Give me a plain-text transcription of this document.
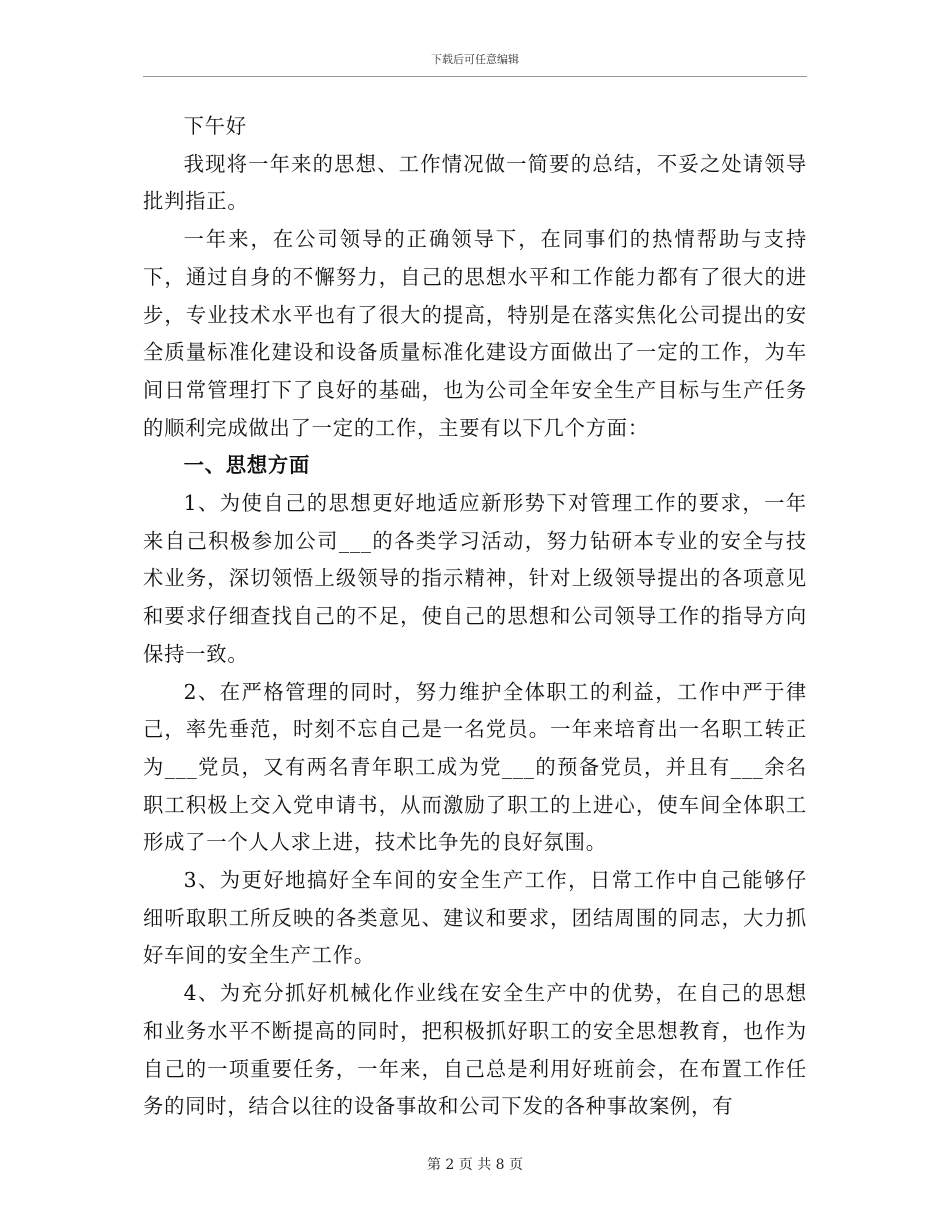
下载后可任意编辑

下午好

我现将一年来的思想、工作情况做一简要的总结，不妥之处请领导批判指正。

一年来，在公司领导的正确领导下，在同事们的热情帮助与支持下，通过自身的不懈努力，自己的思想水平和工作能力都有了很大的进步，专业技术水平也有了很大的提高，特别是在落实焦化公司提出的安全质量标准化建设和设备质量标准化建设方面做出了一定的工作，为车间日常管理打下了良好的基础，也为公司全年安全生产目标与生产任务的顺利完成做出了一定的工作，主要有以下几个方面：

一、思想方面

1、为使自己的思想更好地适应新形势下对管理工作的要求，一年来自己积极参加公司___的各类学习活动，努力钻研本专业的安全与技术业务，深切领悟上级领导的指示精神，针对上级领导提出的各项意见和要求仔细查找自己的不足，使自己的思想和公司领导工作的指导方向保持一致。

2、在严格管理的同时，努力维护全体职工的利益，工作中严于律己，率先垂范，时刻不忘自己是一名党员。一年来培育出一名职工转正为___党员，又有两名青年职工成为党___的预备党员，并且有___余名职工积极上交入党申请书，从而激励了职工的上进心，使车间全体职工形成了一个人人求上进，技术比争先的良好氛围。

3、为更好地搞好全车间的安全生产工作，日常工作中自己能够仔细听取职工所反映的各类意见、建议和要求，团结周围的同志，大力抓好车间的安全生产工作。

4、为充分抓好机械化作业线在安全生产中的优势，在自己的思想和业务水平不断提高的同时，把积极抓好职工的安全思想教育，也作为自己的一项重要任务，一年来，自己总是利用好班前会，在布置工作任务的同时，结合以往的设备事故和公司下发的各种事故案例，有

第 2 页 共 8 页
